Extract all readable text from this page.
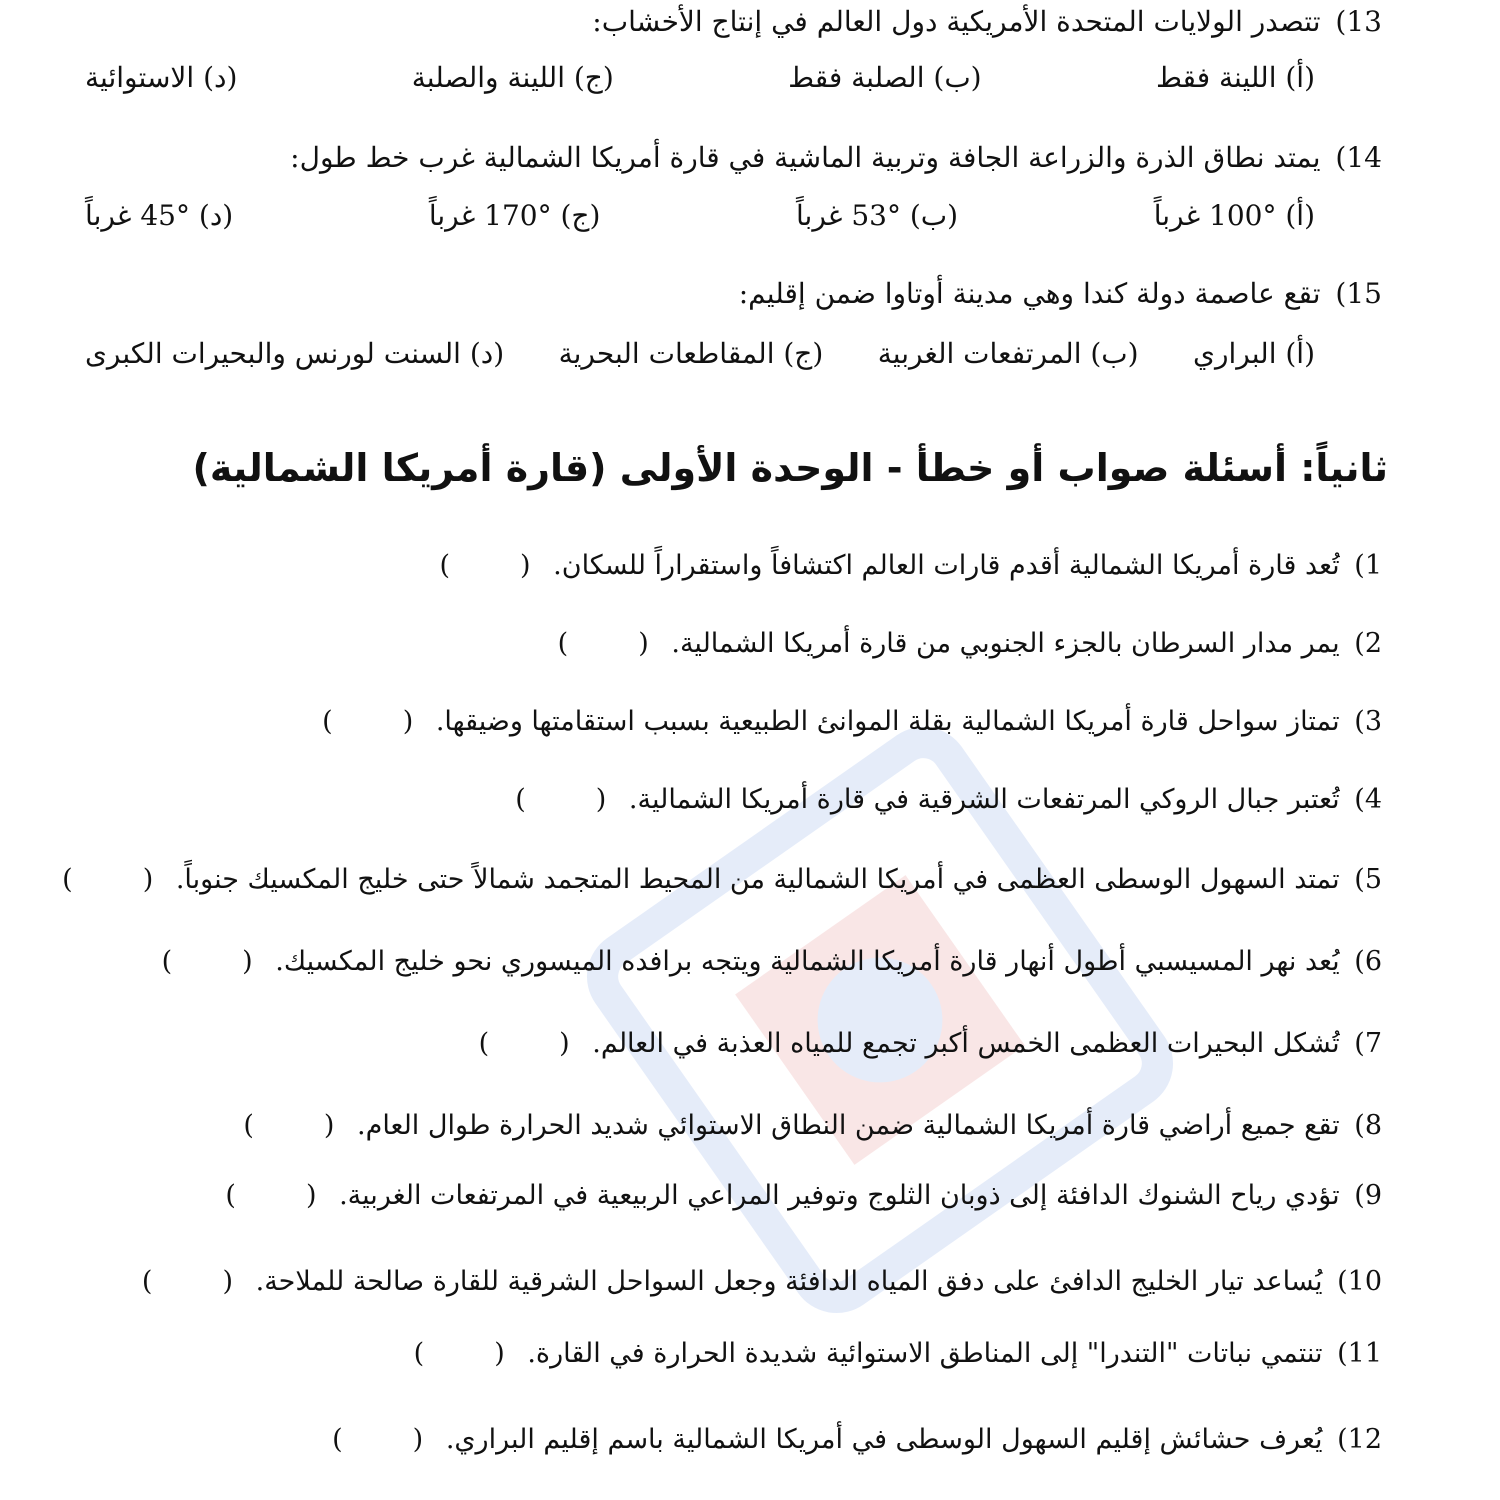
13) تتصدر الولايات المتحدة الأمريكية دول العالم في إنتاج الأخشاب:
(أ) اللينة فقط
(ب) الصلبة فقط
(ج) اللينة والصلبة
(د) الاستوائية
14) يمتد نطاق الذرة والزراعة الجافة وتربية الماشية في قارة أمريكا الشمالية غرب خط طول:
(أ) °100 غرباً
(ب) °53 غرباً
(ج) °170 غرباً
(د) °45 غرباً
15) تقع عاصمة دولة كندا وهي مدينة أوتاوا ضمن إقليم:
(أ) البراري
(ب) المرتفعات الغربية
(ج) المقاطعات البحرية
(د) السنت لورنس والبحيرات الكبرى
ثانياً: أسئلة صواب أو خطأ - الوحدة الأولى (قارة أمريكا الشمالية)
1) تُعد قارة أمريكا الشمالية أقدم قارات العالم اكتشافاً واستقراراً للسكان. ()
2) يمر مدار السرطان بالجزء الجنوبي من قارة أمريكا الشمالية. ()
3) تمتاز سواحل قارة أمريكا الشمالية بقلة الموانئ الطبيعية بسبب استقامتها وضيقها. ()
4) تُعتبر جبال الروكي المرتفعات الشرقية في قارة أمريكا الشمالية. ()
5) تمتد السهول الوسطى العظمى في أمريكا الشمالية من المحيط المتجمد شمالاً حتى خليج المكسيك جنوباً. ()
6) يُعد نهر المسيسبي أطول أنهار قارة أمريكا الشمالية ويتجه برافده الميسوري نحو خليج المكسيك. ()
7) تُشكل البحيرات العظمى الخمس أكبر تجمع للمياه العذبة في العالم. ()
8) تقع جميع أراضي قارة أمريكا الشمالية ضمن النطاق الاستوائي شديد الحرارة طوال العام. ()
9) تؤدي رياح الشنوك الدافئة إلى ذوبان الثلوج وتوفير المراعي الربيعية في المرتفعات الغربية. ()
10) يُساعد تيار الخليج الدافئ على دفق المياه الدافئة وجعل السواحل الشرقية للقارة صالحة للملاحة. ()
11) تنتمي نباتات "التندرا" إلى المناطق الاستوائية شديدة الحرارة في القارة. ()
12) يُعرف حشائش إقليم السهول الوسطى في أمريكا الشمالية باسم إقليم البراري. ()
